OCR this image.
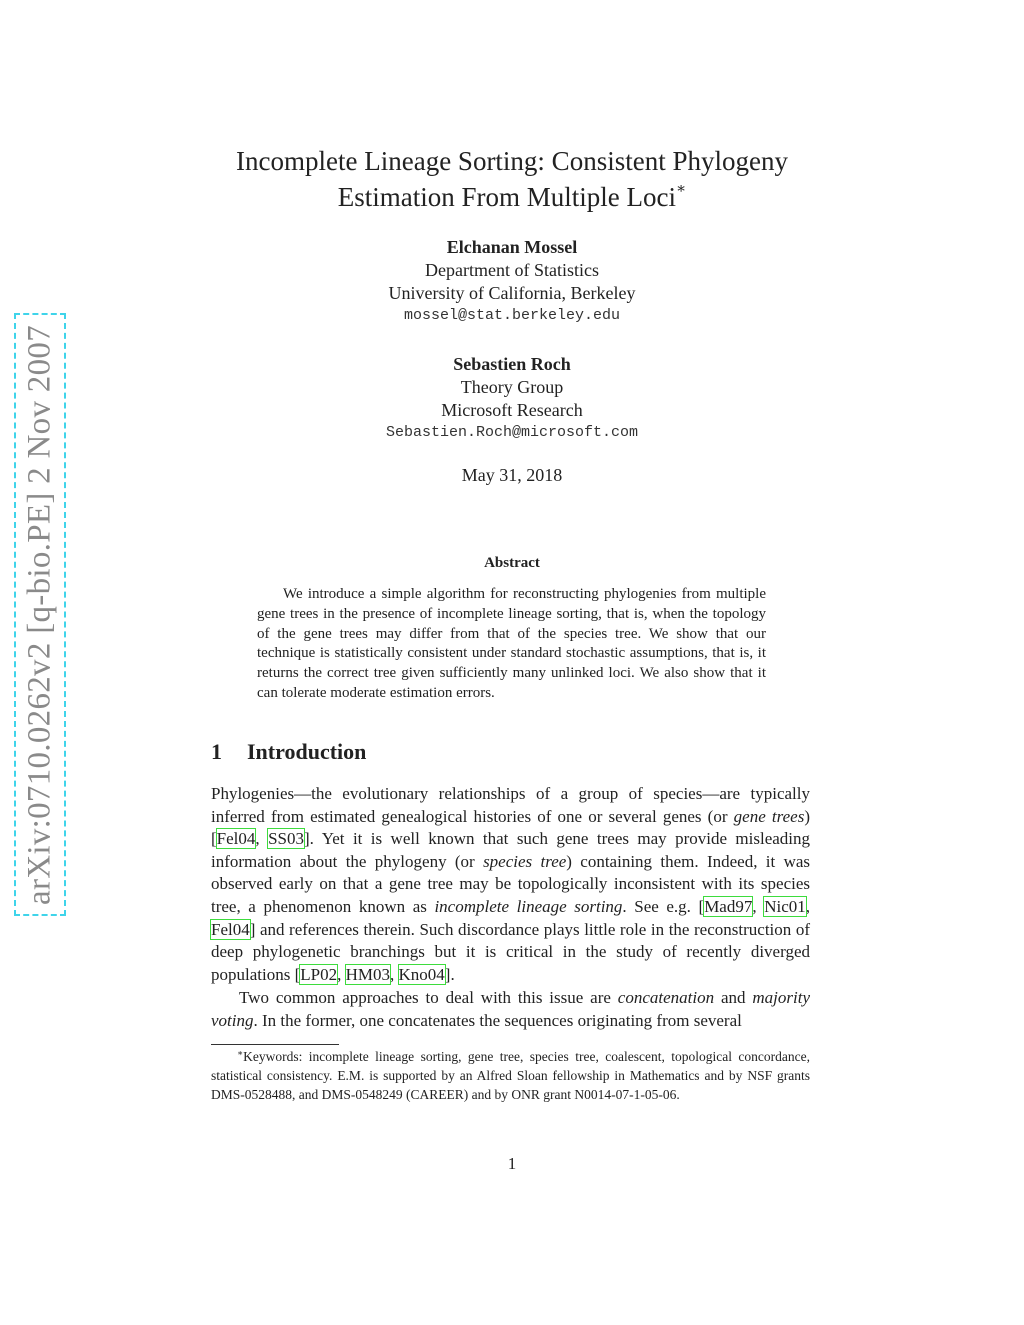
arXiv:0710.0262v2 [q-bio.PE] 2 Nov 2007
Incomplete Lineage Sorting: Consistent Phylogeny
Estimation From Multiple Loci∗
Elchanan Mossel
Department of Statistics
University of California, Berkeley
mossel@stat.berkeley.edu
Sebastien Roch
Theory Group
Microsoft Research
Sebastien.Roch@microsoft.com
May 31, 2018
Abstract
We introduce a simple algorithm for reconstructing phylogenies from multiple gene trees in the presence of incomplete lineage sorting, that is, when the topology of the gene trees may differ from that of the species tree. We show that our technique is statistically consistent under standard stochastic assumptions, that is, it returns the correct tree given sufficiently many unlinked loci. We also show that it can tolerate moderate estimation errors.
1 Introduction
Phylogenies—the evolutionary relationships of a group of species—are typically inferred from estimated genealogical histories of one or several genes (or gene trees) [Fel04, SS03]. Yet it is well known that such gene trees may provide misleading information about the phylogeny (or species tree) containing them. Indeed, it was observed early on that a gene tree may be topologically inconsistent with its species tree, a phenomenon known as incomplete lineage sorting. See e.g. [Mad97, Nic01, Fel04] and references therein. Such discordance plays little role in the reconstruction of deep phylogenetic branchings but it is critical in the study of recently diverged populations [LP02, HM03, Kno04].
Two common approaches to deal with this issue are concatenation and majority voting. In the former, one concatenates the sequences originating from several
∗Keywords: incomplete lineage sorting, gene tree, species tree, coalescent, topological concordance, statistical consistency. E.M. is supported by an Alfred Sloan fellowship in Mathematics and by NSF grants DMS-0528488, and DMS-0548249 (CAREER) and by ONR grant N0014-07-1-05-06.
1
